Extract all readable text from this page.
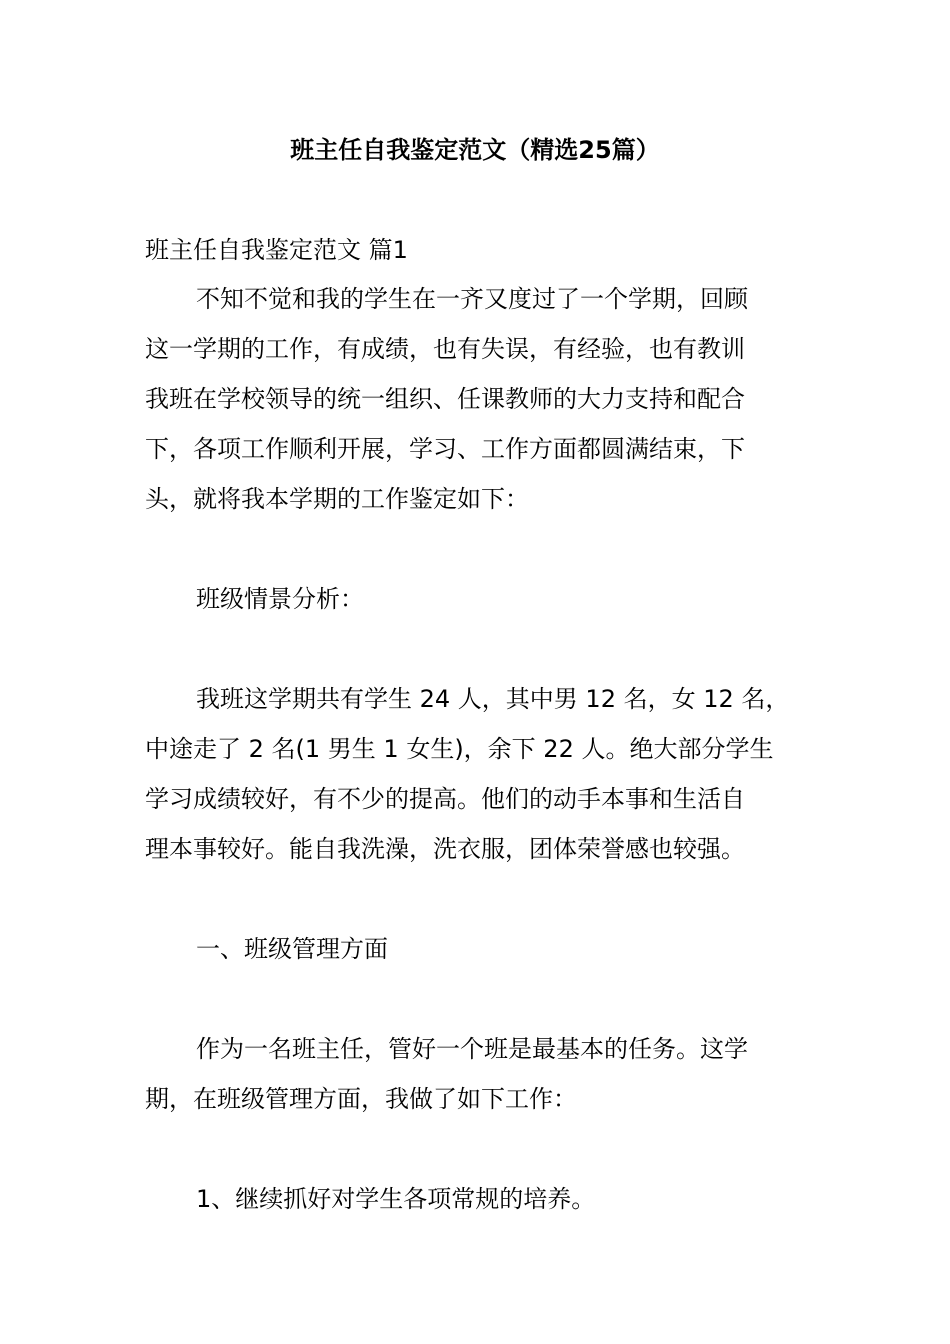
班主任自我鉴定范文（精选25篇）
班主任自我鉴定范文 篇1
不知不觉和我的学生在一齐又度过了一个学期，回顾
这一学期的工作，有成绩，也有失误，有经验，也有教训
我班在学校领导的统一组织、任课教师的大力支持和配合
下，各项工作顺利开展，学习、工作方面都圆满结束，下
头，就将我本学期的工作鉴定如下：
班级情景分析：
我班这学期共有学生 24 人，其中男 12 名，女 12 名，
中途走了 2 名(1 男生 1 女生)，余下 22 人。绝大部分学生
学习成绩较好，有不少的提高。他们的动手本事和生活自
理本事较好。能自我洗澡，洗衣服，团体荣誉感也较强。
一、班级管理方面
作为一名班主任，管好一个班是最基本的任务。这学
期，在班级管理方面，我做了如下工作：
1、继续抓好对学生各项常规的培养。
